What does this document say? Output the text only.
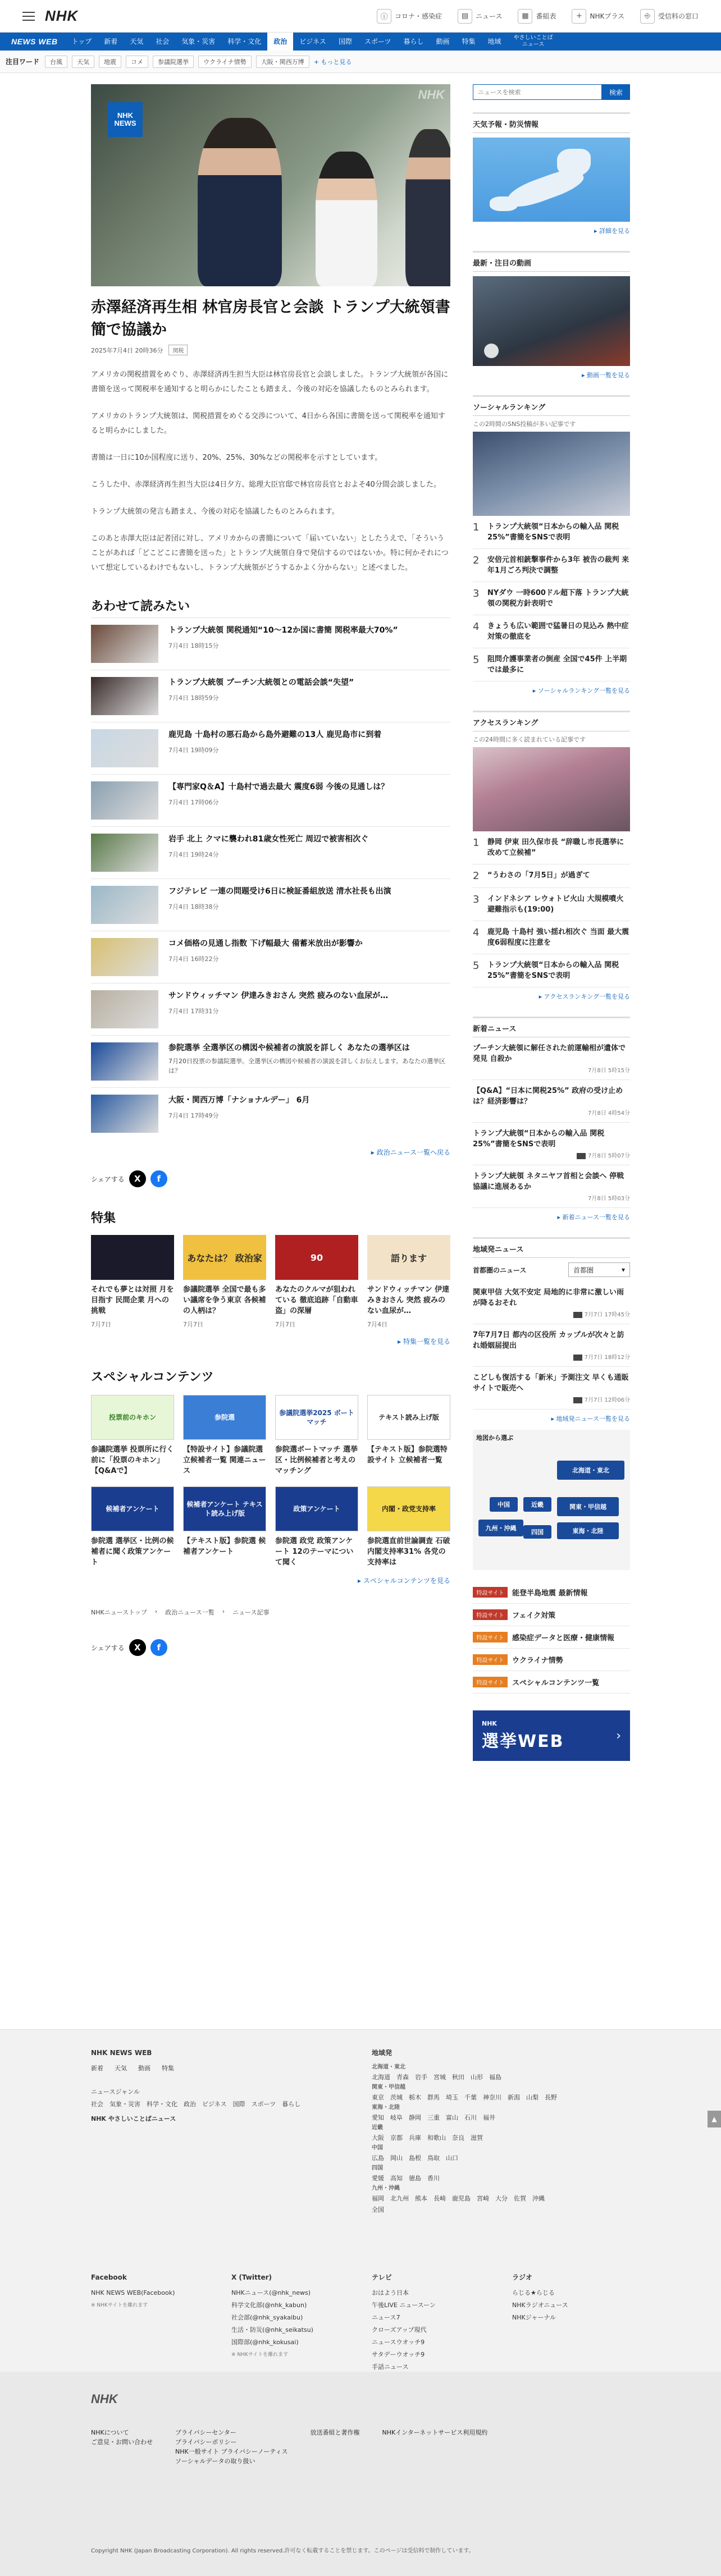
NHK	ⓘ	コロナ・感染症	▤	ニュース	▦	番組表	+	NHKプラス	⎆	受信料の窓口
NEWS WEB	トップ	新着	天気	社会	気象・災害	科学・文化	政治	ビジネス	国際	スポーツ	暮らし	動画	特集	地域	やさしいことば
ニュース
注目ワード	台風	天気	地震	コメ	参議院選挙	ウクライナ情勢	大阪・関西万博	+ もっと見る
NHK
NEWS
NHK
赤澤経済再生相 林官房長官と会談 トランプ大統領書簡で協議か
2025年7月4日 20時36分	関税

アメリカの関税措置をめぐり、赤澤経済再生担当大臣は林官房長官と会談しました。トランプ大統領が各国に書簡を送って関税率を通知すると明らかにしたことも踏まえ、今後の対応を協議したものとみられます。

アメリカのトランプ大統領は、関税措置をめぐる交渉について、4日から各国に書簡を送って関税率を通知すると明らかにしました。

書簡は一日に10か国程度に送り、20%、25%、30%などの関税率を示すとしています。

こうした中、赤澤経済再生担当大臣は4日夕方、総理大臣官邸で林官房長官とおよそ40分間会談しました。

トランプ大統領の発言も踏まえ、今後の対応を協議したものとみられます。

このあと赤澤大臣は記者団に対し、アメリカからの書簡について「届いていない」としたうえで、「そういうことがあれば「どこどこに書簡を送った」とトランプ大統領自身で発信するのではないか。特に何かそれについて想定しているわけでもないし、トランプ大統領がどうするかよく分からない」と述べました。

あわせて読みたい
トランプ大統領 関税通知“10～12か国に書簡 関税率最大70%”
7月4日 18時15分
トランプ大統領 プーチン大統領との電話会談“失望”
7月4日 18時59分
鹿児島 十島村の悪石島から島外避難の13人 鹿児島市に到着
7月4日 19時09分
【専門家Q＆A】十島村で過去最大 震度6弱 今後の見通しは？
7月4日 17時06分
岩手 北上 クマに襲われ81歳女性死亡 周辺で被害相次ぐ
7月4日 19時24分
フジテレビ 一連の問題受け6日に検証番組放送 清水社長も出演
7月4日 18時38分
コメ価格の見通し指数 下げ幅最大 備蓄米放出が影響か
7月4日 16時22分
サンドウィッチマン 伊達みきおさん 突然 疲みのない血尿が…
7月4日 17時31分
参院選挙 全選挙区の構図や候補者の演説を詳しく あなたの選挙区は
7月20日投票の参議院選挙。全選挙区の構図や候補者の演説を詳しくお伝えします。あなたの選挙区は？
大阪・関西万博「ナショナルデー」 6月
7月4日 17時49分
▸ 政治ニュース一覧へ戻る
シェアする	X	f
特集
それでも夢とは対照 月を目指す 民間企業 月への挑戦
7月7日
あなたは？ 政治家
参議院選挙 全国で最も多い議席を争う東京 各候補の人柄は？
7月7日
90
あなたのクルマが狙われている 徹底追跡「自動車盗」の深層
7月7日
語ります
サンドウィッチマン 伊達みきおさん 突然 疲みのない血尿が…
7月4日
▸ 特集一覧を見る
スペシャルコンテンツ
投票前のキホン
参議院選挙 投票所に行く前に「投票のキホン」【Q&Aで】
参院選
【特設サイト】参議院選 立候補者一覧 関連ニュース
参議院選挙2025 ボートマッチ
参院選ボートマッチ 選挙区・比例候補者と考えのマッチング
テキスト読み上げ版
【テキスト版】参院選特設サイト 立候補者一覧
候補者アンケート
参院選 選挙区・比例の候補者に聞く政策アンケート
候補者アンケート テキスト読み上げ版
【テキスト版】参院選 候補者アンケート
政策アンケート
参院選 政党 政策アンケート 12のテーマについて聞く
内閣・政党支持率
参院選直前世論調査 石破内閣支持率31% 各党の支持率は
▸ スペシャルコンテンツを見る
NHKニューストップ › 政治ニュース一覧 › ニュース記事
シェアする	X	f
ニュースを検索
検索
天気予報・防災情報
▸ 詳細を見る
最新・注目の動画
▸ 動画一覧を見る
ソーシャルランキング
この2時間のSNS投稿が多い記事です
1	トランプ大統領“日本からの輸入品 関税25%”書簡をSNSで表明
2	安倍元首相銃撃事件から3年 被告の裁判 来年1月ごろ判決で調整
3	NYダウ 一時600ドル超下落 トランプ大統領の関税方針表明で
4	きょうも広い範囲で猛暑日の見込み 熱中症対策の徹底を
5	阻問介護事業者の倒産 全国で45件 上半期では最多に
▸ ソーシャルランキング一覧を見る
アクセスランキング
この24時間に多く読まれている記事です
1	静岡 伊東 田久保市長 “辞職し市長選挙に改めて立候補”
2	“うわさの「7月5日」が過ぎて
3	インドネシア レウォトビ火山 大規模噴火 避難指示も(19:00)
4	鹿児島 十島村 強い揺れ相次ぐ 当面 最大震度6弱程度に注意を
5	トランプ大統領“日本からの輸入品 関税25%”書簡をSNSで表明
▸ アクセスランキング一覧を見る
新着ニュース
プーチン大統領に解任された前運輸相が遺体で発見 自殺か
7月8日 5時15分
【Q&A】“日本に関税25%” 政府の受け止めは？経済影響は？
7月8日 4時54分
トランプ大統領“日本からの輸入品 関税25%”書簡をSNSで表明
7月8日 5時07分
トランプ大統領 ネタニヤフ首相と会談へ 停戦協議に進展あるか
7月8日 5時03分
▸ 新着ニュース一覧を見る
地域発ニュース
首都圏のニュース	首都圏	▾
関東甲信 大気不安定 局地的に非常に激しい雨が降るおそれ
7月7日 17時45分
7年7月7日 都内の区役所 カップルが次々と訪れ婚姻届提出
7月7日 18時12分
こどしも復活する「新米」予測注文 早くも通販サイトで販売へ
7月7日 12時06分
▸ 地域発ニュース一覧を見る
地図から選ぶ
北海道・東北
中国	近畿	関東・甲信越
九州・沖縄
四国	東海・北陸
特設サイト	能登半島地震 最新情報
特設サイト	フェイク対策
特設サイト	感染症データと医療・健康情報
特設サイト	ウクライナ情勢
特設サイト	スペシャルコンテンツ一覧
NHK
選挙WEB	›
NHK NEWS WEB
新着 天気 動画 特集
ニュースジャンル
社会　気象・災害　科学・文化　政治　ビジネス　国際　スポーツ　暮らし
NHK やさしいことばニュース
地域発
北海道・東北
北海道　青森　岩手　宮城　秋田　山形　福島
関東・甲信越
東京　茨城　栃木　群馬　埼玉　千葉　神奈川　新潟　山梨　長野
東海・北陸
愛知　岐阜　静岡　三重　富山　石川　福井
近畿
大阪　京都　兵庫　和歌山　奈良　滋賀
中国
広島　岡山　島根　鳥取　山口
四国
愛媛　高知　徳島　香川
九州・沖縄
福岡　北九州　熊本　長崎　鹿児島　宮崎　大分　佐賀　沖縄
全国
Facebook
NHK NEWS WEB(Facebook)
※ NHKサイトを離れます
X (Twitter)
NHKニュース(@nhk_news)
科学文化部(@nhk_kabun)
社会部(@nhk_syakaibu)
生活・防災(@nhk_seikatsu)
国際部(@nhk_kokusai)
※ NHKサイトを離れます
テレビ
おはよう日本
午後LIVE ニュースーン
ニュース7
クローズアップ現代
ニュースウオッチ9
サタデーウオッチ9
手話ニュース
ラジオ
らじる★らじる
NHKラジオニュース
NHKジャーナル
▲
NHK
NHKについて
ご意見・お問い合わせ
プライバシーセンター
プライバシーポリシー
NHK一般サイト プライバシーノーティス
ソーシャルデータの取り扱い
放送番組と著作権	NHKインターネットサービス利用規約
Copyright NHK (Japan Broadcasting Corporation). All rights reserved.許可なく転載することを禁じます。このページは受信料で制作しています。
